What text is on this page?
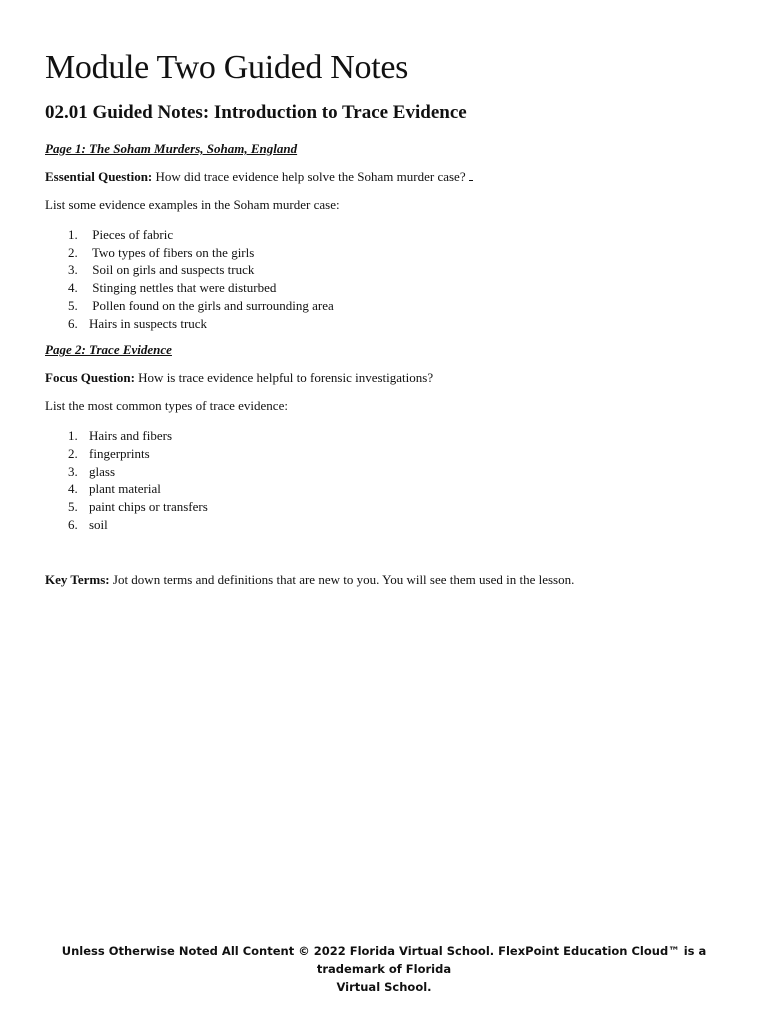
Module Two Guided Notes
02.01 Guided Notes: Introduction to Trace Evidence

Page 1: The Soham Murders, Soham, England

Essential Question: How did trace evidence help solve the Soham murder case?

List some evidence examples in the Soham murder case:

1. Pieces of fabric
2. Two types of fibers on the girls
3. Soil on girls and suspects truck
4. Stinging nettles that were disturbed
5. Pollen found on the girls and surrounding area
6. Hairs in suspects truck

Page 2: Trace Evidence

Focus Question: How is trace evidence helpful to forensic investigations?

List the most common types of trace evidence:

1. Hairs and fibers
2. fingerprints
3. glass
4. plant material
5. paint chips or transfers
6. soil

Key Terms: Jot down terms and definitions that are new to you. You will see them used in the lesson.

Unless Otherwise Noted All Content © 2022 Florida Virtual School. FlexPoint Education Cloud™ is a trademark of Florida
Virtual School.
